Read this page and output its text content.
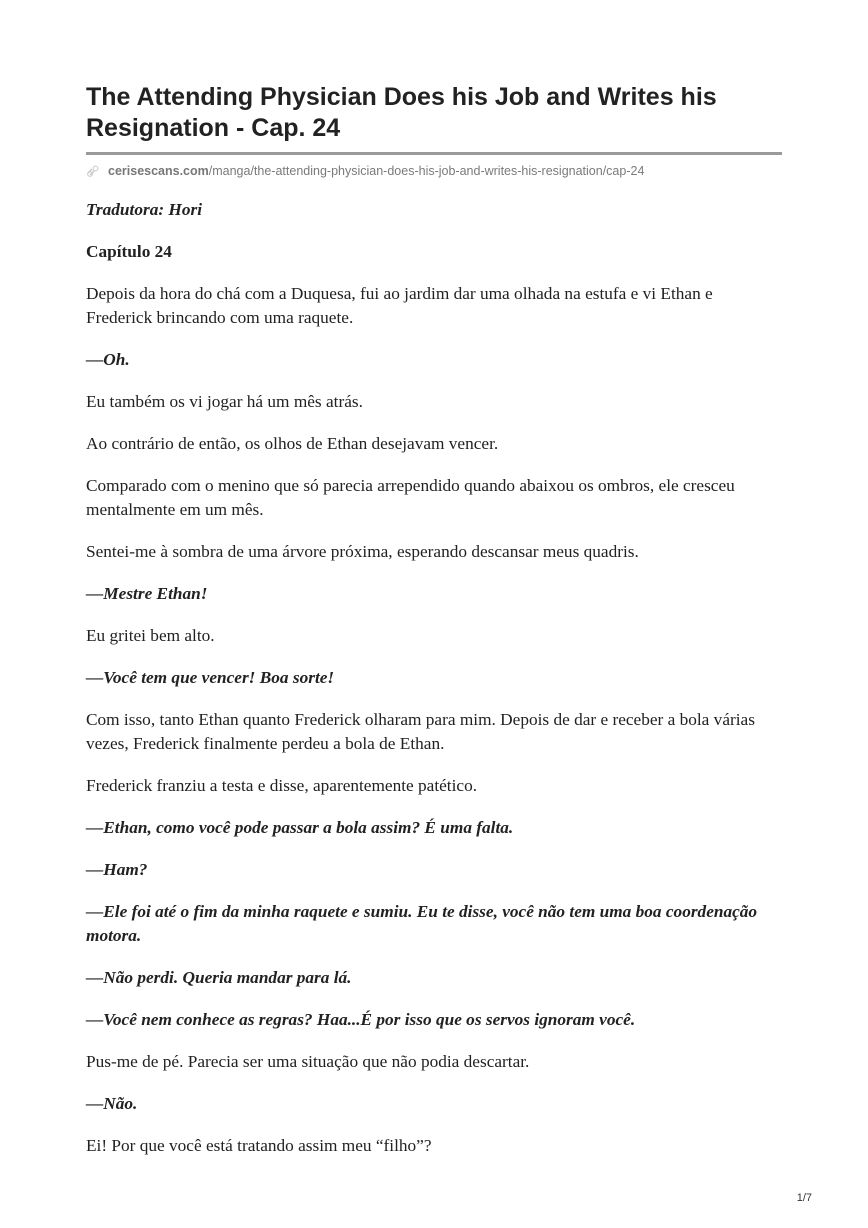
The Attending Physician Does his Job and Writes his Resignation - Cap. 24
cerisescans.com /manga/the-attending-physician-does-his-job-and-writes-his-resignation/cap-24

Tradutora: Hori

Capítulo 24

Depois da hora do chá com a Duquesa, fui ao jardim dar uma olhada na estufa e vi Ethan e Frederick brincando com uma raquete.

—Oh.

Eu também os vi jogar há um mês atrás.

Ao contrário de então, os olhos de Ethan desejavam vencer.

Comparado com o menino que só parecia arrependido quando abaixou os ombros, ele cresceu mentalmente em um mês.

Sentei-me à sombra de uma árvore próxima, esperando descansar meus quadris.

—Mestre Ethan!

Eu gritei bem alto.

—Você tem que vencer! Boa sorte!

Com isso, tanto Ethan quanto Frederick olharam para mim. Depois de dar e receber a bola várias vezes, Frederick finalmente perdeu a bola de Ethan.

Frederick franziu a testa e disse, aparentemente patético.

—Ethan, como você pode passar a bola assim? É uma falta.

—Ham?

—Ele foi até o fim da minha raquete e sumiu. Eu te disse, você não tem uma boa coordenação motora.

—Não perdi. Queria mandar para lá.

—Você nem conhece as regras? Haa...É por isso que os servos ignoram você.

Pus-me de pé. Parecia ser uma situação que não podia descartar.

—Não.

Ei! Por que você está tratando assim meu “filho”?

1/7
